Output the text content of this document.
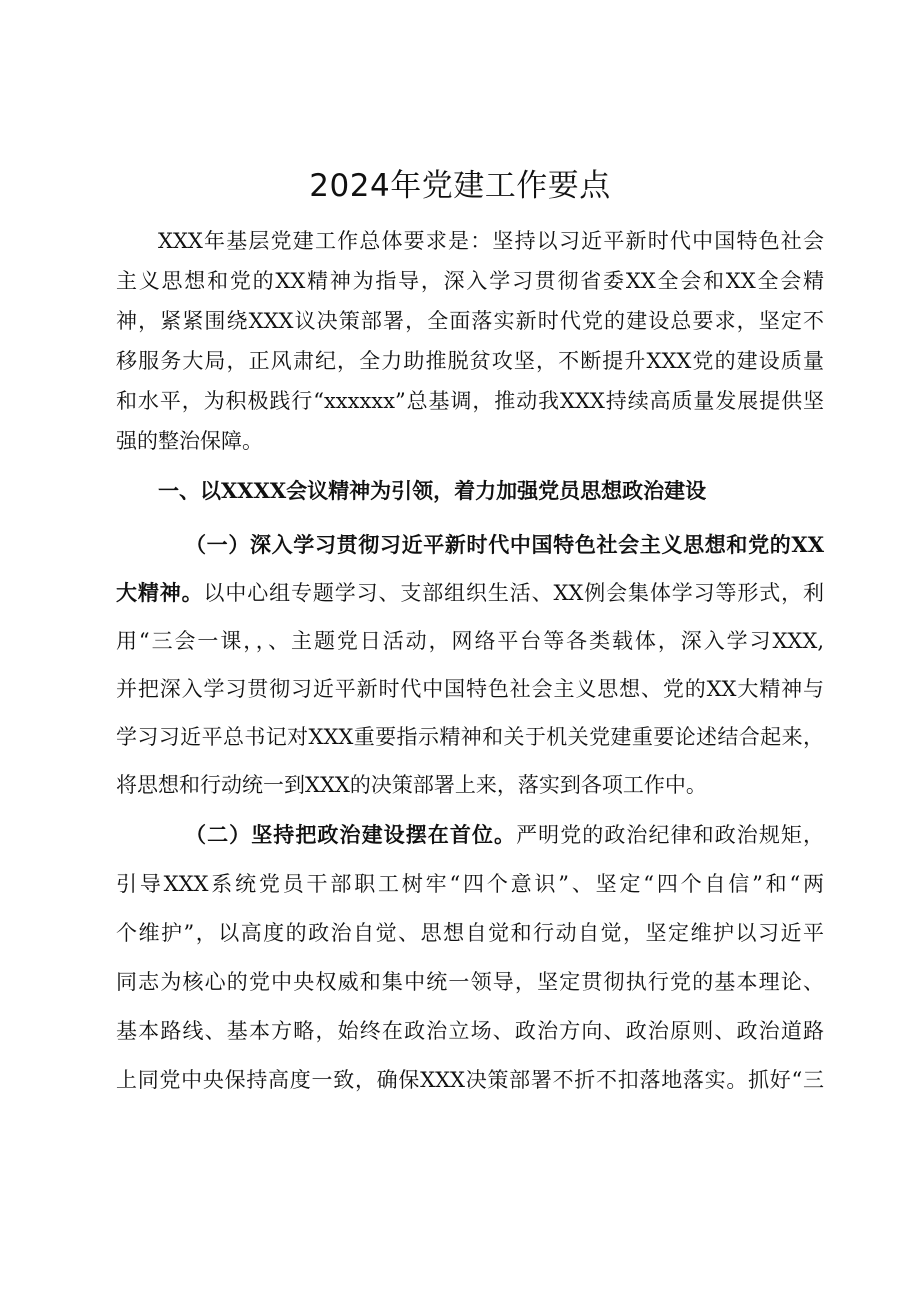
2024年党建工作要点
XXX年基层党建工作总体要求是：坚持以习近平新时代中国特色社会
主义思想和党的XX精神为指导，深入学习贯彻省委XX全会和XX全会精
神，紧紧围绕XXX议决策部署，全面落实新时代党的建设总要求，坚定不
移服务大局，正风肃纪，全力助推脱贫攻坚，不断提升XXX党的建设质量
和水平，为积极践行“xxxxxx”总基调，推动我XXX持续高质量发展提供坚
强的整治保障。
一、以XXXX会议精神为引领，着力加强党员思想政治建设
（一）深入学习贯彻习近平新时代中国特色社会主义思想和党的XX
大精神。以中心组专题学习、支部组织生活、XX例会集体学习等形式，利
用“三会一课，，、主题党日活动，网络平台等各类载体，深入学习XXX,
并把深入学习贯彻习近平新时代中国特色社会主义思想、党的XX大精神与
学习习近平总书记对XXX重要指示精神和关于机关党建重要论述结合起来，
将思想和行动统一到XXX的决策部署上来，落实到各项工作中。
（二）坚持把政治建设摆在首位。严明党的政治纪律和政治规矩，
引导XXX系统党员干部职工树牢“四个意识”、坚定“四个自信”和“两
个维护”，以高度的政治自觉、思想自觉和行动自觉，坚定维护以习近平
同志为核心的党中央权威和集中统一领导，坚定贯彻执行党的基本理论、
基本路线、基本方略，始终在政治立场、政治方向、政治原则、政治道路
上同党中央保持高度一致，确保XXX决策部署不折不扣落地落实。抓好“三
